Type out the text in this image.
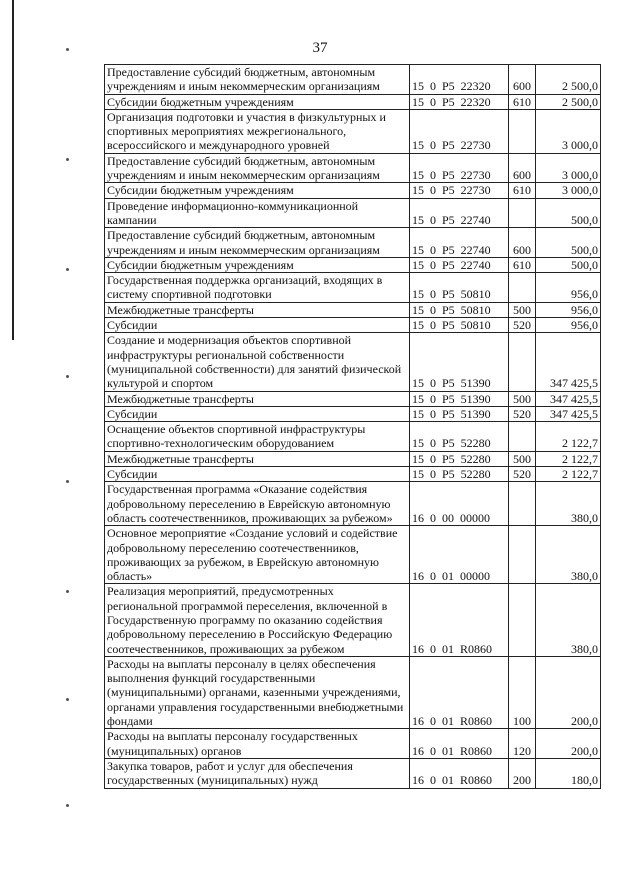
37
Предоставление субсидий бюджетным, автономным учреждениям и иным некоммерческим организациям	15 0 P5 22320	600	2 500,0
Субсидии бюджетным учреждениям	15 0 P5 22320	610	2 500,0
Организация подготовки и участия в физкультурных и спортивных мероприятиях межрегионального, всероссийского и международного уровней	15 0 P5 22730		3 000,0
Предоставление субсидий бюджетным, автономным учреждениям и иным некоммерческим организациям	15 0 P5 22730	600	3 000,0
Субсидии бюджетным учреждениям	15 0 P5 22730	610	3 000,0
Проведение информационно-коммуникационной кампании	15 0 P5 22740		500,0
Предоставление субсидий бюджетным, автономным учреждениям и иным некоммерческим организациям	15 0 P5 22740	600	500,0
Субсидии бюджетным учреждениям	15 0 P5 22740	610	500,0
Государственная поддержка организаций, входящих в систему спортивной подготовки	15 0 P5 50810		956,0
Межбюджетные трансферты	15 0 P5 50810	500	956,0
Субсидии	15 0 P5 50810	520	956,0
Создание и модернизация объектов спортивной инфраструктуры региональной собственности (муниципальной собственности) для занятий физической культурой и спортом	15 0 P5 51390		347 425,5
Межбюджетные трансферты	15 0 P5 51390	500	347 425,5
Субсидии	15 0 P5 51390	520	347 425,5
Оснащение объектов спортивной инфраструктуры спортивно-технологическим оборудованием	15 0 P5 52280		2 122,7
Межбюджетные трансферты	15 0 P5 52280	500	2 122,7
Субсидии	15 0 P5 52280	520	2 122,7
Государственная программа «Оказание содействия добровольному переселению в Еврейскую автономную область соотечественников, проживающих за рубежом»	16 0 00 00000		380,0
Основное мероприятие «Создание условий и содействие добровольному переселению соотечественников, проживающих за рубежом, в Еврейскую автономную область»	16 0 01 00000		380,0
Реализация мероприятий, предусмотренных региональной программой переселения, включенной в Государственную программу по оказанию содействия добровольному переселению в Российскую Федерацию соотечественников, проживающих за рубежом	16 0 01 R0860		380,0
Расходы на выплаты персоналу в целях обеспечения выполнения функций государственными (муниципальными) органами, казенными учреждениями, органами управления государственными внебюджетными фондами	16 0 01 R0860	100	200,0
Расходы на выплаты персоналу государственных (муниципальных) органов	16 0 01 R0860	120	200,0
Закупка товаров, работ и услуг для обеспечения государственных (муниципальных) нужд	16 0 01 R0860	200	180,0
